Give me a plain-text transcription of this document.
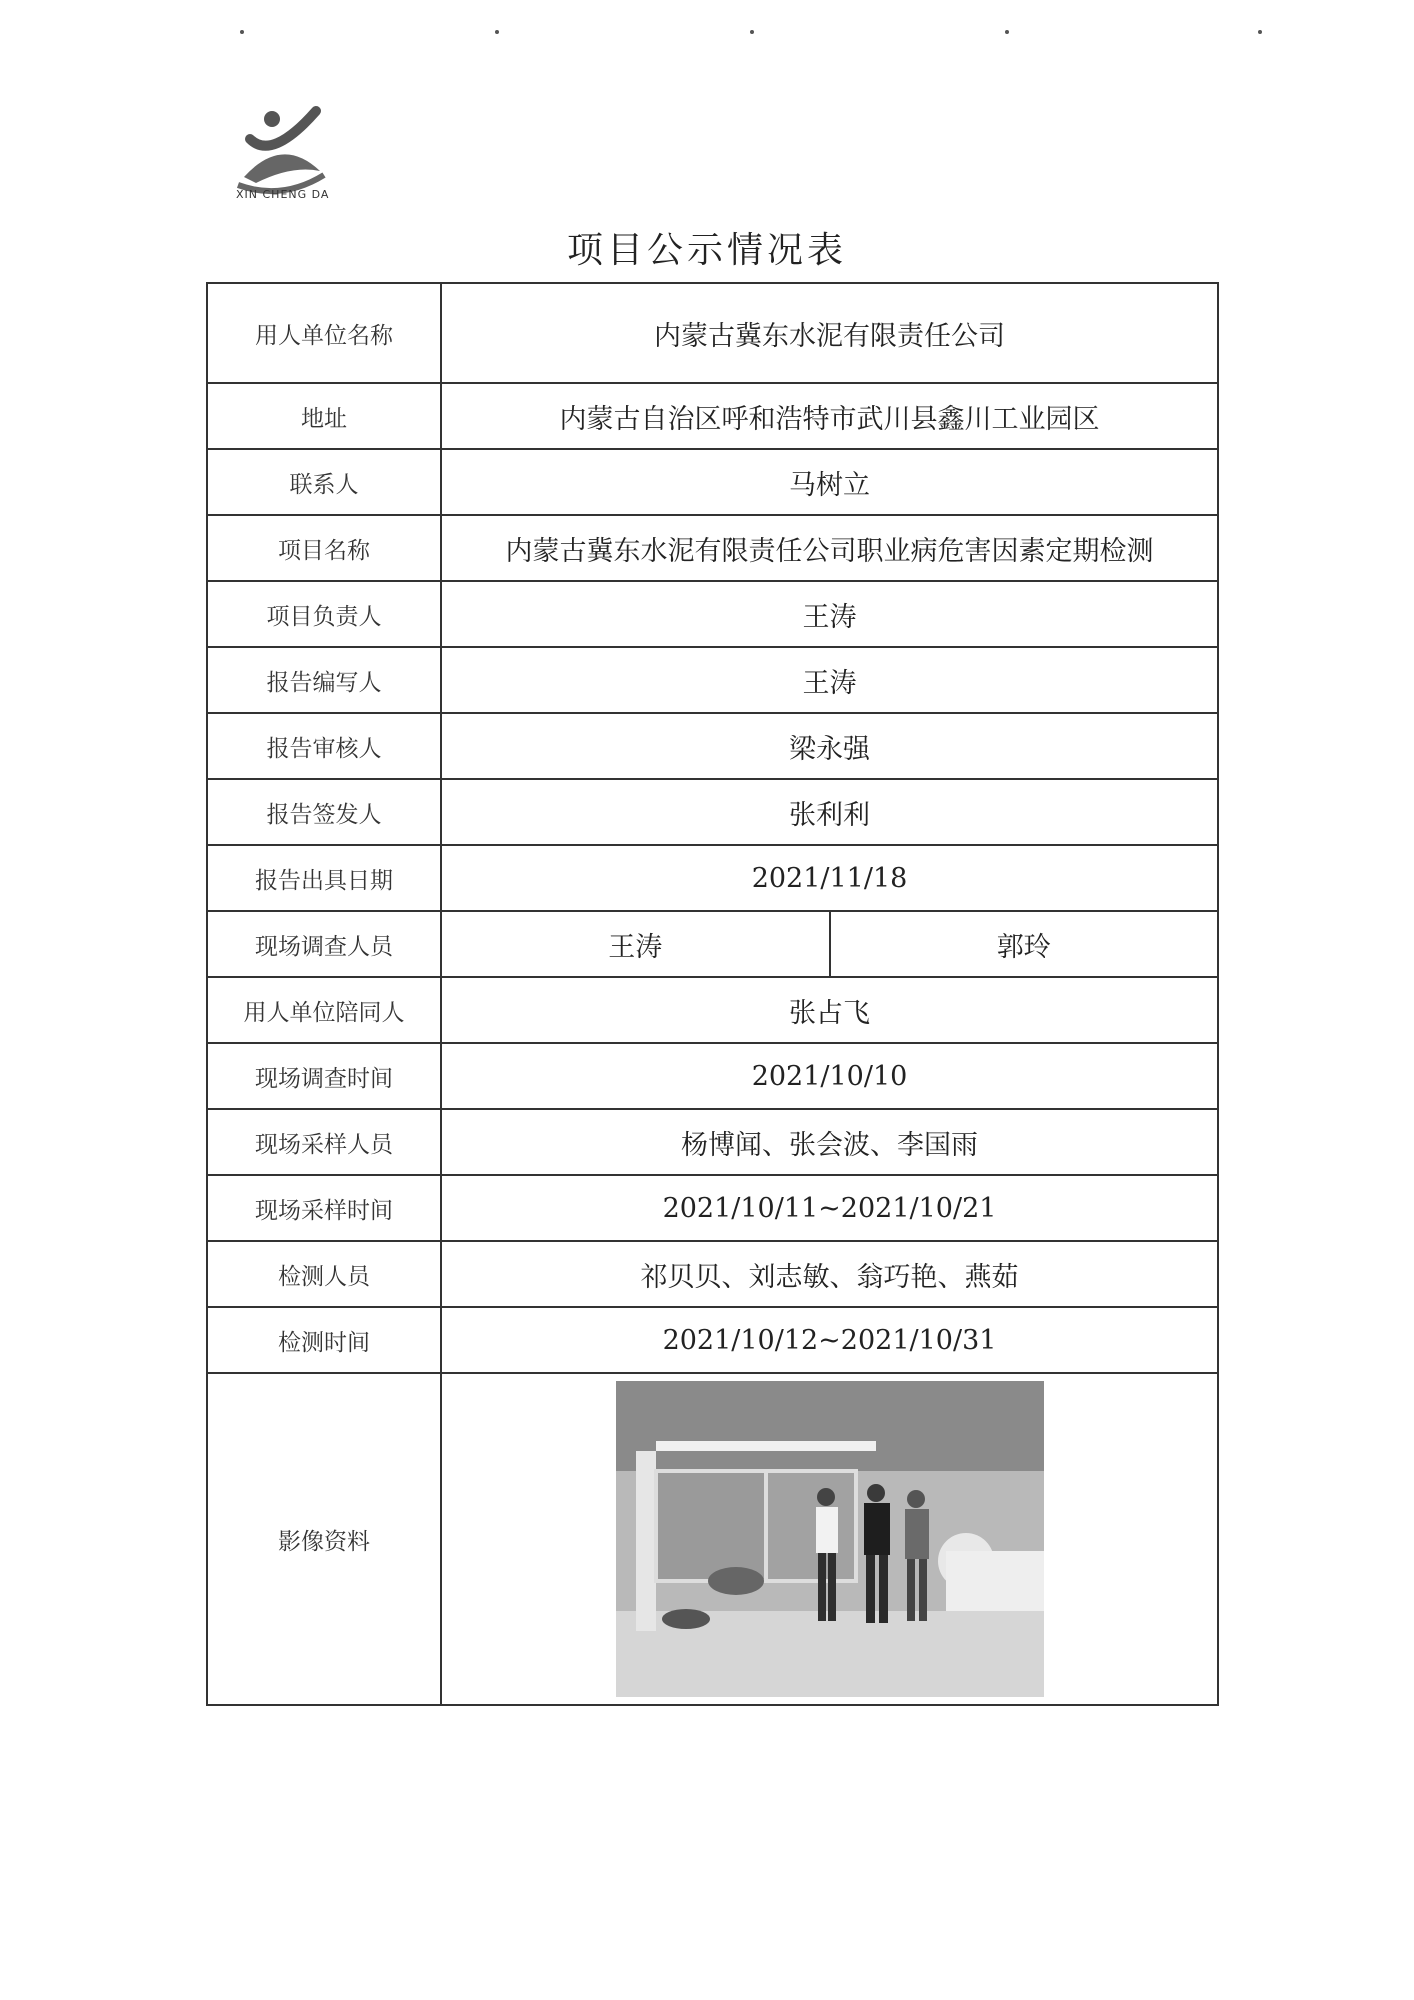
XIN CHENG DA
项目公示情况表
用人单位名称	内蒙古冀东水泥有限责任公司	
地址	内蒙古自治区呼和浩特市武川县鑫川工业园区	
联系人	马树立	
项目名称	内蒙古冀东水泥有限责任公司职业病危害因素定期检测	
项目负责人	王涛	
报告编写人	王涛	
报告审核人	梁永强	
报告签发人	张利利	
报告出具日期	2021/11/18	
现场调查人员	王涛	郭玲
用人单位陪同人	张占飞	
现场调查时间	2021/10/10	
现场采样人员	杨博闻、张会波、李国雨	
现场采样时间	2021/10/11~2021/10/21	
检测人员	祁贝贝、刘志敏、翁巧艳、燕茹	
检测时间	2021/10/12~2021/10/31	
影像资料	
